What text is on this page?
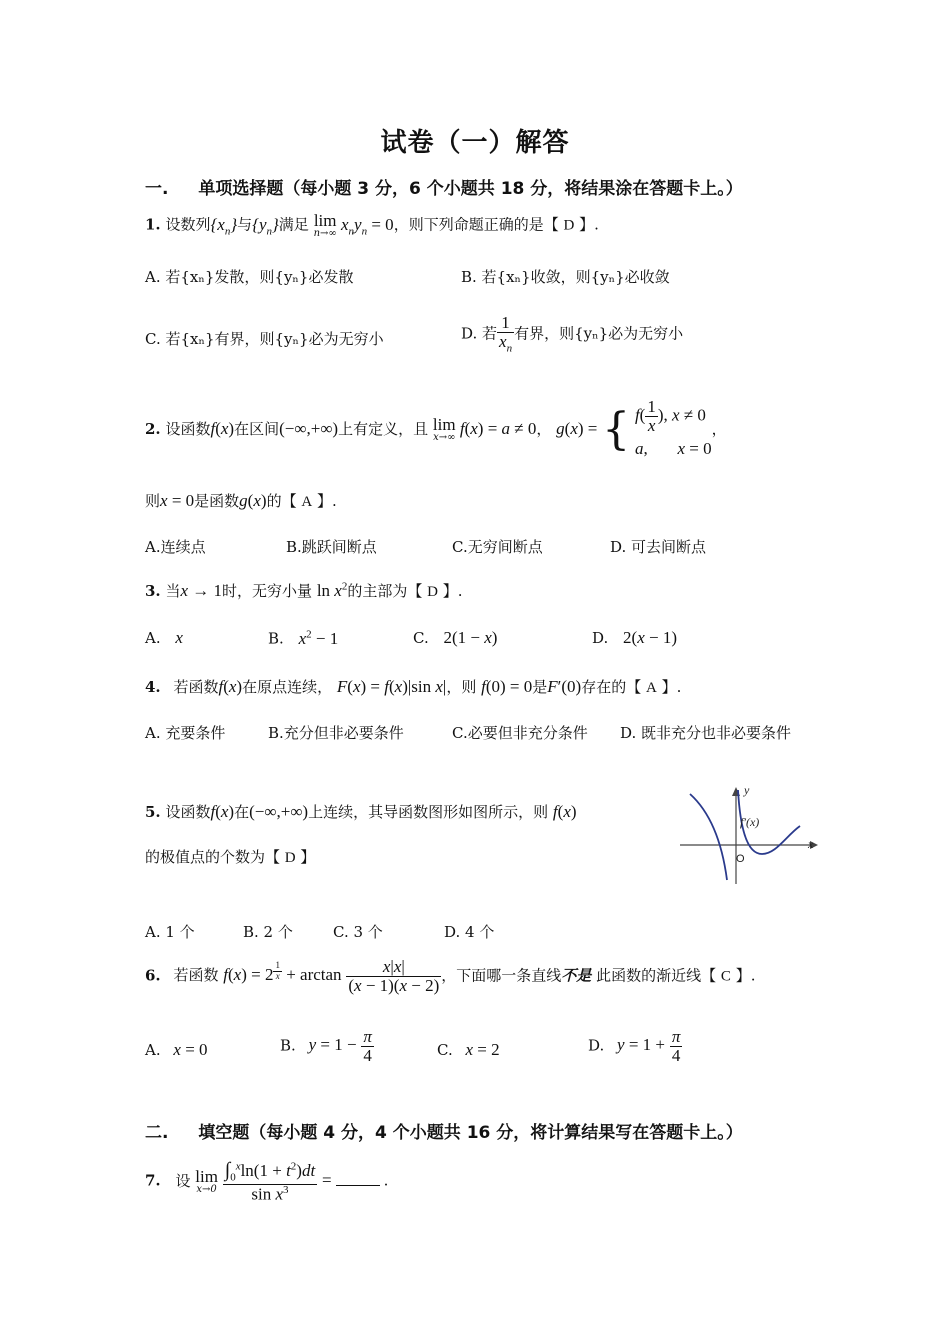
试卷（一）解答
一. 单项选择题（每小题 3 分，6 个小题共 18 分，将结果涂在答题卡上。）
1. 设数列$\{x_n\}$与$\{y_n\}$满足 lim
n→∞ $x_ny_n = 0$，则下列命题正确的是【 D 】.
A. 若{xₙ}发散，则{yₙ}必发散	B. 若{xₙ}收敛，则{yₙ}必收敛
C. 若{xₙ}有界，则{yₙ}必为无穷小	D. 若 $\frac{1}{x_n}$ 有界，则{yₙ}必为无穷小
2. 设函数f(x)在区间(−∞,+∞)上有定义，且 lim
x→∞ f(x) = a ≠ 0， g(x) = { $f( \frac{1}{x}$ ), x ≠ 0
a,       x = 0
，
则x = 0是函数g(x)的【 A 】.
A.连续点	B.跳跃间断点	C.无穷间断点	D. 可去间断点
3. 当x → 1时，无穷小量 $\ln x^2$的主部为【 D 】.
A. x	B. $x^2 - 1$	C. 2(1 − x)	D. 2(x − 1)
4. 若函数f(x)在原点连续， F(x) = f(x)|sin x|，则 f(0) = 0是F′(0)存在的【 A 】.
A. 充要条件	B.充分但非必要条件	C.必要但非充分条件 D. 既非充分也非必要条件
5. 设函数f(x)在(−∞,+∞)上连续，其导函数图形如图所示，则 f(x)
的极值点的个数为【 D 】
y
x
O
f′(x)
A. 1 个	B. 2 个	C. 3 个	D. 4 个
6. 若函数 f(x) = 2 $^{\frac{1}{x}} + \arctan \frac{x|x|}{(x - 1)(x - 2)}$ ，下面哪一条直线不是 此函数的渐近线【 C 】.
A. x = 0	B. $y = 1 - \frac{\pi}{4}$	C. x = 2	D. $y = 1 + \frac{\pi}{4}$
二. 填空题（每小题 4 分，4 个小题共 16 分，将计算结果写在答题卡上。）
7. 设 lim
x→0
$\frac{\int_0^x\ln(1 + t^2)dt}{\sin x^3}$ =	.
